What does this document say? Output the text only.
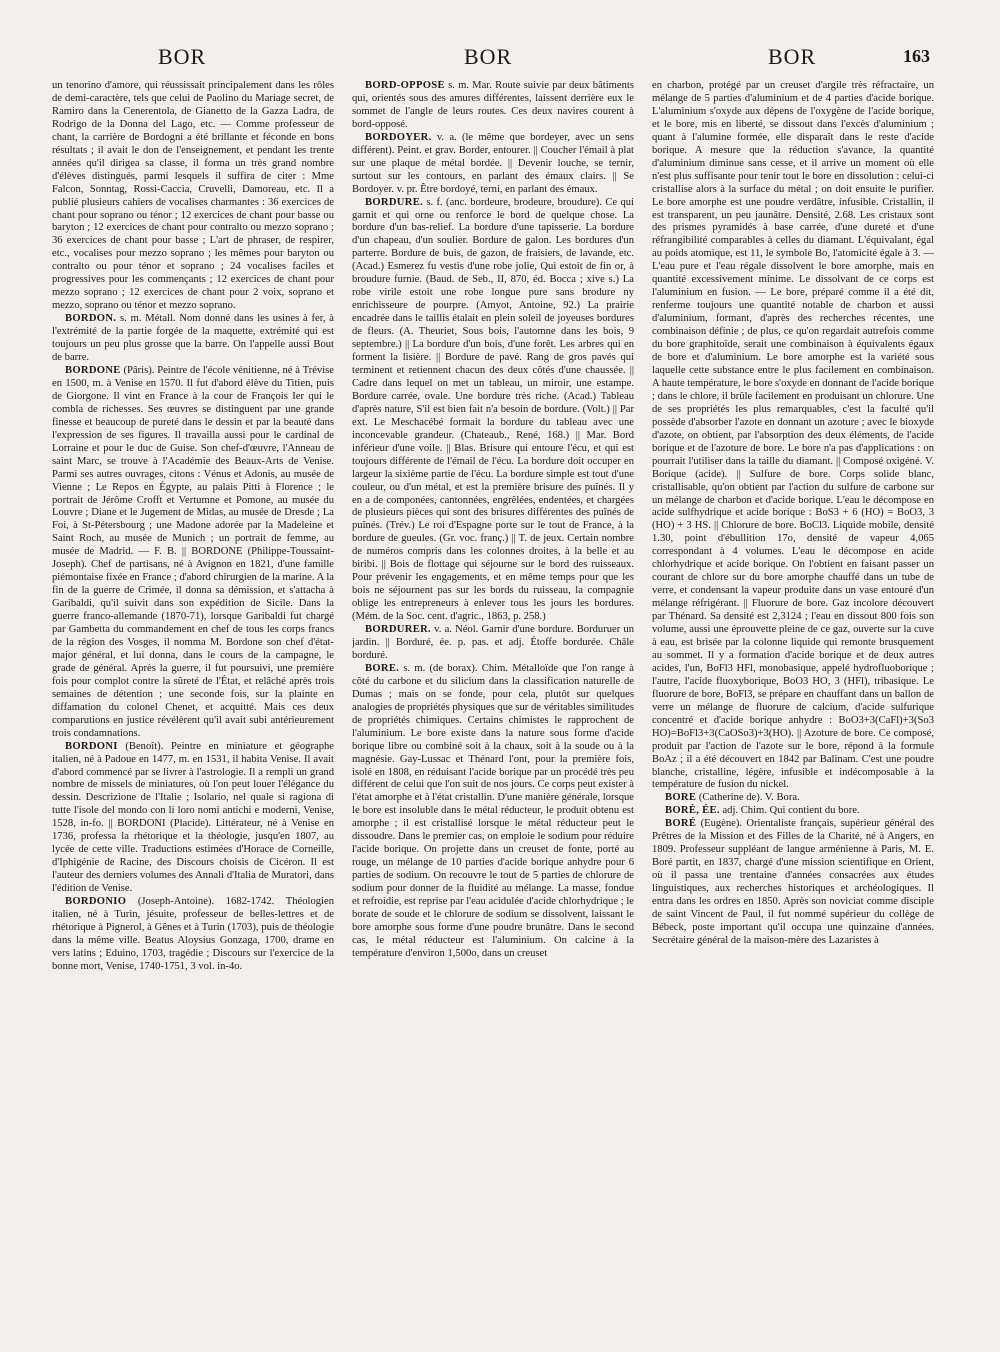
BOR	BOR	BOR	163

un tenorino d'amore, qui réussissait principalement dans les rôles de demi-caractère, tels que celui de Paolino du Mariage secret, de Ramiro dans la Cenerentola, de Gianetto de la Gazza Ladra, de Rodrigo de la Donna del Lago, etc. — Comme professeur de chant, la carrière de Bordogni a été brillante et féconde en bons résultats ; il avait le don de l'enseignement, et pendant les trente années qu'il dirigea sa classe, il forma un très grand nombre d'élèves distingués, parmi lesquels il suffira de citer : Mme Falcon, Sonntag, Rossi-Caccia, Cruvelli, Damoreau, etc. Il a publié plusieurs cahiers de vocalises charmantes : 36 exercices de chant pour soprano ou ténor ; 12 exercices de chant pour basse ou baryton ; 12 exercices de chant pour contralto ou mezzo soprano ; 36 exercices de chant pour basse ; L'art de phraser, de respirer, etc., vocalises pour mezzo soprano ; les mêmes pour baryton ou contralto ou pour ténor et soprano ; 24 vocalises faciles et progressives pour les commençants ; 12 exercices de chant pour mezzo soprano ; 12 exercices de chant pour 2 voix, soprano et mezzo, soprano ou ténor et mezzo soprano.

BORDON. s. m. Métall. Nom donné dans les usines à fer, à l'extrémité de la partie forgée de la maquette, extrémité qui est toujours un peu plus grosse que la barre. On l'appelle aussi Bout de barre.

BORDONE (Pâris). Peintre de l'école vénitienne, né à Trévise en 1500, m. à Venise en 1570. Il fut d'abord élève du Titien, puis de Giorgone. Il vint en France à la cour de François Ier qui le combla de richesses. Ses œuvres se distinguent par une grande finesse et beaucoup de pureté dans le dessin et par la beauté dans l'expression de ses figures. Il travailla aussi pour le cardinal de Lorraine et pour le duc de Guise. Son chef-d'œuvre, l'Anneau de saint Marc, se trouve à l'Académie des Beaux-Arts de Venise. Parmi ses autres ouvrages, citons : Vénus et Adonis, au musée de Vienne ; Le Repos en Égypte, au palais Pitti à Florence ; le portrait de Jérôme Crofft et Vertumne et Pomone, au musée du Louvre ; Diane et le Jugement de Midas, au musée de Dresde ; La Foi, à St-Pétersbourg ; une Madone adorée par la Madeleine et Saint Roch, au musée de Munich ; un portrait de femme, au musée de Madrid. — F. B. || BORDONE (Philippe-Toussaint-Joseph). Chef de partisans, né à Avignon en 1821, d'une famille piémontaise fixée en France ; d'abord chirurgien de la marine. A la fin de la guerre de Crimée, il donna sa démission, et s'attacha à Garibaldi, qu'il suivit dans son expédition de Sicile. Dans la guerre franco-allemande (1870-71), lorsque Garibaldi fut chargé par Gambetta du commandement en chef de tous les corps francs de la région des Vosges, il nomma M. Bordone son chef d'état-major général, et lui donna, dans le cours de la campagne, le grade de général. Après la guerre, il fut poursuivi, une première fois pour complot contre la sûreté de l'État, et relâché après trois semaines de détention ; une seconde fois, sur la plainte en diffamation du colonel Chenet, et acquitté. Mais ces deux comparutions en justice révélèrent qu'il avait subi antérieurement trois condamnations.

BORDONI (Benoît). Peintre en miniature et géographe italien, né à Padoue en 1477, m. en 1531, il habita Venise. Il avait d'abord commencé par se livrer à l'astrologie. Il a rempli un grand nombre de missels de miniatures, où l'on peut louer l'élégance du dessin. Descrizione de l'Italie ; Isolario, nel quale si ragiona di tutte l'isole del mondo con li loro nomi antichi e moderni, Venise, 1528, in-fo. || BORDONI (Placide). Littérateur, né à Venise en 1736, professa la rhétorique et la théologie, jusqu'en 1807, au lycée de cette ville. Traductions estimées d'Horace de Corneille, d'Iphigénie de Racine, des Discours choisis de Cicéron. Il est l'auteur des derniers volumes des Annali d'Italia de Muratori, dans l'édition de Venise.

BORDONIO (Joseph-Antoine). 1682-1742. Théologien italien, né à Turin, jésuite, professeur de belles-lettres et de rhétorique à Pignerol, à Gênes et à Turin (1703), puis de théologie dans la même ville. Beatus Aloysius Gonzaga, 1700, drame en vers latins ; Eduino, 1703, tragédie ; Discours sur l'exercice de la bonne mort, Venise, 1740-1751, 3 vol. in-4o.

BORD-OPPOSÉ s. m. Mar. Route suivie par deux bâtiments qui, orientés sous des amures différentes, laissent derrière eux le sommet de l'angle de leurs routes. Ces deux navires courent à bord-opposé.

BORDOYER. v. a. (le même que bordeyer, avec un sens différent). Peint. et grav. Border, entourer. || Coucher l'émail à plat sur une plaque de métal bordée. || Devenir louche, se ternir, surtout sur les contours, en parlant des émaux clairs. || Se Bordoyer. v. pr. Être bordoyé, terni, en parlant des émaux.

BORDURE. s. f. (anc. bordeure, brodeure, broudure). Ce qui garnit et qui orne ou renforce le bord de quelque chose. La bordure d'un bas-relief. La bordure d'une tapisserie. La bordure d'un chapeau, d'un soulier. Bordure de galon. Les bordures d'un parterre. Bordure de buis, de gazon, de fraisiers, de lavande, etc. (Acad.) Esmerez fu vestis d'une robe jolie, Qui estoit de fin or, à broudure furnie. (Baud. de Seb., II, 870, éd. Bocca ; xive s.) La robe virile estoit une robe longue pure sans brodure ny enrichisseure de pourpre. (Amyot, Antoine, 92.) La prairie encadrée dans le taillis étalait en plein soleil de joyeuses bordures de fleurs. (A. Theuriet, Sous bois, l'automne dans les bois, 9 septembre.) || La bordure d'un bois, d'une forêt. Les arbres qui en forment la lisière. || Bordure de pavé. Rang de gros pavés qui terminent et retiennent chacun des deux côtés d'une chaussée. || Cadre dans lequel on met un tableau, un miroir, une estampe. Bordure carrée, ovale. Une bordure très riche. (Acad.) Tableau d'après nature, S'il est bien fait n'a besoin de bordure. (Volt.) || Par ext. Le Meschacébé formait la bordure du tableau avec une inconcevable grandeur. (Chateaub., René, 168.) || Mar. Bord inférieur d'une voile. || Blas. Brisure qui entoure l'écu, et qui est toujours différente de l'émail de l'écu. La bordure doit occuper en largeur la sixième partie de l'écu. La bordure simple est tout d'une couleur, ou d'un métal, et est la première brisure des puînés. Il y en a de componées, cantonnées, engrêlées, endentées, et chargées de plusieurs pièces qui sont des brisures différentes des puînés de puînés. (Trév.) Le roi d'Espagne porte sur le tout de France, à la bordure de gueules. (Gr. voc. franç.) || T. de jeux. Certain nombre de numéros compris dans les colonnes droites, à la belle et au biribi. || Bois de flottage qui séjourne sur le bord des ruisseaux. Pour prévenir les engagements, et en même temps pour que les bois ne séjournent pas sur les bords du ruisseau, la compagnie oblige les entrepreneurs à enlever tous les jours les bordures. (Mém. de la Soc. cent. d'agric., 1863, p. 258.)

BORDURER. v. a. Néol. Garnir d'une bordure. Borduruer un jardin. || Borduré, ée. p. pas. et adj. Étoffe bordurée. Châle borduré.

BORE. s. m. (de borax). Chim. Métalloïde que l'on range à côté du carbone et du silicium dans la classification naturelle de Dumas ; mais on se fonde, pour cela, plutôt sur quelques analogies de propriétés physiques que sur de véritables similitudes de propriétés chimiques. Certains chimistes le rapprochent de l'aluminium. Le bore existe dans la nature sous forme d'acide borique libre ou combiné soit à la chaux, soit à la soude ou à la magnésie. Gay-Lussac et Thénard l'ont, pour la première fois, isolé en 1808, en réduisant l'acide borique par un procédé très peu différent de celui que l'on suit de nos jours. Ce corps peut exister à l'état amorphe et à l'état cristallin. D'une manière générale, lorsque le bore est insoluble dans le métal réducteur, le produit obtenu est amorphe ; il est cristallisé lorsque le métal réducteur peut le dissoudre. Dans le premier cas, on emploie le sodium pour réduire l'acide borique. On projette dans un creuset de fonte, porté au rouge, un mélange de 10 parties d'acide borique anhydre pour 6 parties de sodium. On recouvre le tout de 5 parties de chlorure de sodium pour donner de la fluidité au mélange. La masse, fondue et refroidie, est reprise par l'eau acidulée d'acide chlorhydrique ; le borate de soude et le chlorure de sodium se dissolvent, laissant le bore amorphe sous forme d'une poudre brunâtre. Dans le second cas, le métal réducteur est l'aluminium. On calcine à la température d'environ 1,500o, dans un creuset

en charbon, protégé par un creuset d'argile très réfractaire, un mélange de 5 parties d'aluminium et de 4 parties d'acide borique. L'aluminium s'oxyde aux dépens de l'oxygène de l'acide borique, et le bore, mis en liberté, se dissout dans l'excès d'aluminium ; quant à l'alumine formée, elle disparaît dans le reste d'acide borique. A mesure que la réduction s'avance, la quantité d'aluminium diminue sans cesse, et il arrive un moment où elle n'est plus suffisante pour tenir tout le bore en dissolution : celui-ci cristallise alors à la surface du métal ; on doit ensuite le purifier. Le bore amorphe est une poudre verdâtre, infusible. Cristallin, il est transparent, un peu jaunâtre. Densité, 2.68. Les cristaux sont des prismes pyramidés à base carrée, d'une dureté et d'une réfrangibilité comparables à celles du diamant. L'équivalant, égal au poids atomique, est 11, le symbole Bo, l'atomicité égale à 3. — L'eau pure et l'eau régale dissolvent le bore amorphe, mais en quantité excessivement minime. Le dissolvant de ce corps est l'aluminium en fusion. — Le bore, préparé comme il a été dit, renferme toujours une quantité notable de charbon et aussi d'aluminium, formant, d'après des recherches récentes, une combinaison définie ; de plus, ce qu'on regardait autrefois comme du bore graphitoïde, serait une combinaison à équivalents égaux de bore et d'aluminium. Le bore amorphe est la variété sous laquelle cette substance entre le plus facilement en combinaison. A haute température, le bore s'oxyde en donnant de l'acide borique ; dans le chlore, il brûle facilement en produisant un chlorure. Une de ses propriétés les plus remarquables, c'est la faculté qu'il possède d'absorber l'azote en donnant un azoture ; avec le bioxyde d'azote, on obtient, par l'absorption des deux éléments, de l'acide borique et de l'azoture de bore. Le bore n'a pas d'applications : on pourrait l'utiliser dans la taille du diamant. || Composé oxigéné. V. Borique (acide). || Sulfure de bore. Corps solide blanc, cristallisable, qu'on obtient par l'action du sulfure de carbone sur un mélange de charbon et d'acide borique. L'eau le décompose en acide sulfhydrique et acide borique : BoS3 + 6 (HO) = BoO3, 3 (HO) + 3 HS. || Chlorure de bore. BoCl3. Liquide mobile, densité 1.30, point d'ébullition 17o, densité de vapeur 4,065 correspondant à 4 volumes. L'eau le décompose en acide chlorhydrique et acide borique. On l'obtient en faisant passer un courant de chlore sur du bore amorphe chauffé dans un tube de verre, et condensant la vapeur produite dans un vase entouré d'un mélange réfrigérant. || Fluorure de bore. Gaz incolore découvert par Thénard. Sa densité est 2,3124 ; l'eau en dissout 800 fois son volume, aussi une éprouvette pleine de ce gaz, ouverte sur la cuve à eau, est brisée par la colonne liquide qui remonte brusquement au sommet. Il y a formation d'acide borique et de deux autres acides, l'un, BoFl3 HFl, monobasique, appelé hydrofluoborique ; l'autre, l'acide fluoxyborique, BoO3 HO, 3 (HFl), tribasique. Le fluorure de bore, BoFl3, se prépare en chauffant dans un ballon de verre un mélange de fluorure de calcium, d'acide sulfurique concentré et d'acide borique anhydre : BoO3+3(CaFl)+3(So3 HO)=BoFl3+3(CaOSo3)+3(HO). || Azoture de bore. Ce composé, produit par l'action de l'azote sur le bore, répond à la formule BoAz ; il a été découvert en 1842 par Balinam. C'est une poudre blanche, cristalline, légère, infusible et indécomposable à la température de fusion du nickel.

BORE (Catherine de). V. Bora.

BORÉ, ÉE. adj. Chim. Qui contient du bore.

BORÉ (Eugène). Orientaliste français, supérieur général des Prêtres de la Mission et des Filles de la Charité, né à Angers, en 1809. Professeur suppléant de langue arménienne à Paris, M. E. Boré partit, en 1837, chargé d'une mission scientifique en Orient, où il passa une trentaine d'années consacrées aux études linguistiques, aux recherches historiques et archéologiques. Il entra dans les ordres en 1850. Après son noviciat comme disciple de saint Vincent de Paul, il fut nommé supérieur du collège de Bébeck, poste important qu'il occupa une quinzaine d'années. Secrétaire général de la maison-mère des Lazaristes à
